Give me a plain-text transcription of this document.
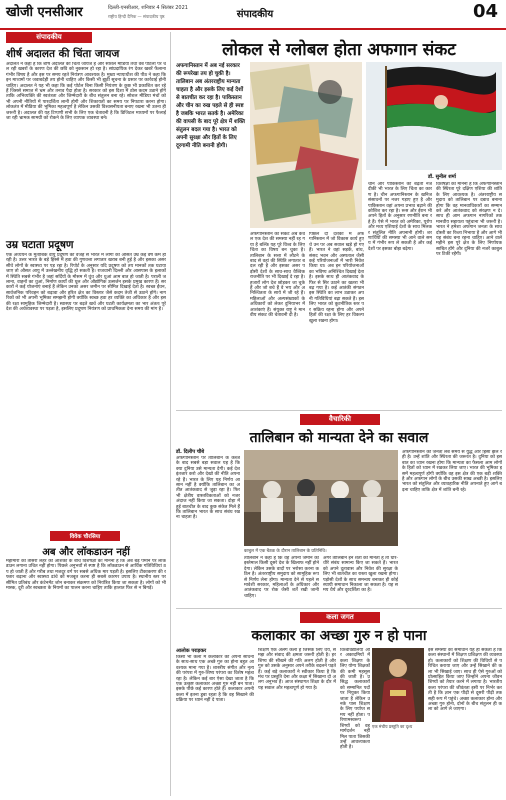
खोजी एनसीआर	दिल्ली-एनसीआर, शनिवार 4 सितंबर 2021
राष्ट्रीय हिन्दी दैनिक — संपादकीय पृष्ठ	संपादकीय	04
संपादकीय
शीर्ष अदालत की चिंता जायज
अदालत ने कहा है कि शीर्ष अदालत की चिंता जायज है और सोशल मीडिया तथा वेब पोर्टलों पर चल रही खबरों के कारण देश की छवि को नुकसान हो रहा है। सांप्रदायिक रंग देकर खबरें फैलाना गंभीर विषय है और इस पर समय रहते नियंत्रण आवश्यक है। मुख्य न्यायाधीश की पीठ ने कहा कि इन माध्यमों पर जवाबदेही तय होनी चाहिए और किसी भी झूठी सूचना के प्रसार पर कार्रवाई होनी चाहिए। अदालत ने यह भी कहा कि कई पोर्टल बिना किसी नियंत्रण के कुछ भी प्रकाशित कर रहे हैं जिससे समाज में भ्रम और तनाव पैदा होता है। सरकार को इस दिशा में ठोस कदम उठाने होंगे ताकि अभिव्यक्ति की स्वतंत्रता और जिम्मेदारी के बीच संतुलन बना रहे। सोशल मीडिया मंचों को भी अपनी नीतियों में पारदर्शिता लानी होगी और शिकायतों का समय पर निपटारा करना होगा। लोकतंत्र में मीडिया की भूमिका महत्वपूर्ण है लेकिन उसकी विश्वसनीयता बनाए रखना भी उतना ही जरूरी है। अदालत की यह टिप्पणी सभी के लिए एक चेतावनी है कि डिजिटल माध्यमों पर फैलाई जा रही भ्रामक सामग्री को रोकने के लिए व्यापक व्यवस्था बने।
उम्र घटाता प्रदूषण
एक अध्ययन के मुताबिक वायु प्रदूषण की वजह से भारत में लोगों की औसत उम्र कई वर्ष कम हो रही है। उत्तर भारत के बड़े हिस्से में हवा की गुणवत्ता लगातार खराब बनी हुई है और इसका असर सीधे लोगों के स्वास्थ्य पर पड़ रहा है। रिपोर्ट के अनुसार यदि प्रदूषण को तय मानकों तक घटाया जाए तो औसत आयु में उल्लेखनीय वृद्धि हो सकती है। राजधानी दिल्ली और आसपास के इलाकों में स्थिति सबसे गंभीर है जहां सर्दियों के मौसम में धुंध और धुआं आम बात हो जाती है। पराली जलाना, वाहनों का धुआं, निर्माण कार्यों की धूल और औद्योगिक उत्सर्जन इसके प्रमुख कारण हैं। सरकारों ने कई योजनाएं बनाई हैं लेकिन उनका असर जमीन पर सीमित दिखाई देता है। स्वच्छ ईंधन, सार्वजनिक परिवहन को बढ़ावा और हरित क्षेत्र का विस्तार जैसे कदम तेजी से उठाने होंगे। नागरिकों को भी अपनी भूमिका समझनी होगी क्योंकि स्वच्छ हवा हर व्यक्ति का अधिकार है और इसकी रक्षा सामूहिक जिम्मेदारी है। स्वास्थ्य पर बढ़ते खर्च और घटती कार्यक्षमता का भार अंततः पूरे देश की अर्थव्यवस्था पर पड़ता है, इसलिए प्रदूषण नियंत्रण को प्राथमिकता देना समय की मांग है।
विवेक चौरसिया
अब और लॉकडाउन नहीं
महामारी की तीसरी लहर की आशंका के बीच विशेषज्ञों का मानना है कि अब बड़े पैमाने पर लॉकडाउन लगाना उचित नहीं होगा। पिछले अनुभवों से स्पष्ट है कि लॉकडाउन से आर्थिक गतिविधियां ठप हो जाती हैं और गरीब तथा मजदूर वर्ग पर सबसे अधिक मार पड़ती है। इसलिए टीकाकरण की रफ्तार बढ़ाना और स्वास्थ्य ढांचे को मजबूत करना ही सबसे कारगर उपाय है। स्थानीय स्तर पर सीमित प्रतिबंध और कंटेनमेंट जोन बनाकर संक्रमण को नियंत्रित किया जा सकता है। लोगों को भी मास्क, दूरी और स्वच्छता के नियमों का पालन करना चाहिए ताकि हालात फिर से न बिगड़ें।
लोकल से ग्लोबल होता अफगान संकट
अफगानिस्तान में अब नई सरकार की रूपरेखा तय हो चुकी है। तालिबान अब अंतरराष्ट्रीय मान्यता चाहता है और इसके लिए कई देशों से बातचीत कर रहा है। पाकिस्तान और चीन का रुख पहले से ही स्पष्ट है जबकि भारत सतर्क है। अमेरिका की वापसी के बाद पूरे क्षेत्र में शक्ति संतुलन बदल गया है। भारत को अपनी सुरक्षा और हितों के लिए दूरगामी नीति बनानी होगी।
अफगानिस्तान का संकट अब केवल एक देश की समस्या नहीं रह गया है बल्कि यह पूरे विश्व के लिए चिंता का विषय बन चुका है। तालिबान के सत्ता में लौटने के बाद से वहां की स्थिति लगातार बदल रही है और इसका असर पड़ोसी देशों के साथ-साथ वैश्विक राजनीति पर भी दिखाई दे रहा है। हजारों लोग देश छोड़कर जा चुके हैं और जो बचे हैं वे भय और अनिश्चितता के साये में जी रहे हैं। महिलाओं और अल्पसंख्यकों के अधिकारों को लेकर दुनियाभर में आशंकाएं हैं। संयुक्त राष्ट्र ने मानवीय संकट की चेतावनी दी है।
पिछले दो दशकों में अफगानिस्तान में जो विकास कार्य हुए थे उन पर अब सवाल खड़े हो गए हैं। भारत ने वहां सड़कें, बांध, संसद भवन और अस्पताल जैसी कई परियोजनाओं में भारी निवेश किया था। अब इन परियोजनाओं का भविष्य अनिश्चित दिखाई देता है। इसके साथ ही आतंकवाद के फिर से सिर उठाने का खतरा भी बढ़ गया है। कई आतंकी संगठन इस स्थिति का लाभ उठाकर अपनी गतिविधियां बढ़ा सकते हैं। इसलिए भारत को कूटनीतिक स्तर पर सक्रिय रहना होगा और अपने हितों की रक्षा के लिए हर विकल्प खुला रखना होगा।
डॉ. सुनील शर्मा
चीन और पाकिस्तान की बढ़ती नजदीकी भी भारत के लिए चिंता का कारण है। चीन अफगानिस्तान के खनिज संसाधनों पर नजर गड़ाए हुए है और पाकिस्तान वहां अपना प्रभाव बढ़ाने की कोशिश कर रहा है। रूस और ईरान भी अपने हितों के अनुसार रणनीति बना रहे हैं। ऐसे में भारत को अमेरिका, यूरोप और मध्य एशियाई देशों के साथ मिलकर संतुलित नीति अपनानी होगी। शरणार्थियों की समस्या भी आने वाले समय में गंभीर रूप ले सकती है और कई देशों पर इसका बोझ बढ़ेगा।
विशेषज्ञों का मानना है कि अफगानिस्तान की स्थिरता पूरे दक्षिण एशिया की शांति के लिए आवश्यक है। अंतरराष्ट्रीय समुदाय को तालिबान पर दबाव बनाना होगा कि वह मानवाधिकारों का सम्मान करे और आतंकवाद को संरक्षण न दे। साथ ही आम अफगान नागरिकों तक मानवीय सहायता पहुंचाना भी जरूरी है। भारत ने हमेशा अफगान जनता के साथ दोस्ती का रिश्ता निभाया है और आगे भी यह संबंध बना रहना चाहिए। आने वाले महीने इस पूरे क्षेत्र के लिए निर्णायक साबित होंगे और दुनिया की नजरें काबुल पर टिकी रहेंगी।
वैचारिकी
तालिबान को मान्यता देने का सवाल
डॉ. दिलीप चौबे
अफगानिस्तान पर तालिबान के कब्जे के बाद सबसे बड़ा सवाल यह है कि क्या दुनिया उसे मान्यता देगी। कई देश इंतजार करो और देखो की नीति अपना रहे हैं। भारत के लिए यह निर्णय आसान नहीं है क्योंकि तालिबान का अतीत आतंकवाद से जुड़ा रहा है। फिर भी क्षेत्रीय वास्तविकताओं को नजरअंदाज नहीं किया जा सकता। दोहा में हुई बातचीत के बाद कुछ संकेत मिले हैं कि तालिबान भारत के साथ संबंध रखना चाहता है।
काबुल में एक बैठक के दौरान तालिबान के प्रतिनिधि।
तालिबान ने कहा है कि वह अपनी जमीन का इस्तेमाल किसी दूसरे देश के खिलाफ नहीं होने देगा। लेकिन उसके वादों पर भरोसा करना कठिन है। अंतरराष्ट्रीय समुदाय को सामूहिक रूप से निर्णय लेना होगा। मान्यता देने से पहले समावेशी सरकार, महिलाओं के अधिकार और आतंकवाद पर रोक जैसी शर्तें रखी जानी चाहिए।
अगर तालिबान इन शर्तों को मानता है तो धीरे-धीरे संबंध सामान्य किए जा सकते हैं। भारत को अपने दूतावास और निवेश की सुरक्षा के लिए भी बातचीत का रास्ता खुला रखना होगा। पड़ोसी देशों के साथ समन्वय बनाकर ही कोई स्थायी समाधान निकाला जा सकता है। यह समय धैर्य और दूरदर्शिता का है।
अफगानिस्तान की जनता लंबे समय से युद्ध और हिंसा झेल रही है। उन्हें शांति और स्थिरता की जरूरत है। दुनिया को इस बात का ध्यान रखना होगा कि मान्यता का फैसला आम लोगों के हितों को ध्यान में रखकर लिया जाए। भारत की भूमिका इसमें महत्वपूर्ण होगी क्योंकि वह इस क्षेत्र की एक बड़ी शक्ति है और अफगान लोगों के बीच उसकी साख अच्छी है। इसलिए भारत को संतुलित और व्यावहारिक नीति अपनाते हुए आगे बढ़ना चाहिए ताकि क्षेत्र में शांति बनी रहे।
कला जगत
कलाकार का अच्छा गुरु न हो पाना
आलोक पराड़कर
किसी भी कला में कलाकार की अपनी साधना के साथ-साथ एक अच्छे गुरु का होना बहुत आवश्यक माना गया है। शास्त्रीय संगीत और नृत्य की परंपरा में गुरु-शिष्य परंपरा का विशेष महत्व रहा है। लेकिन कई बार ऐसा देखा जाता है कि एक उत्कृष्ट कलाकार अच्छा गुरु नहीं बन पाता। इसके पीछे कई कारण होते हैं। कलाकार अपनी कला में इतना डूबा रहता है कि वह सिखाने की प्रक्रिया पर ध्यान नहीं दे पाता।
शिक्षण एक अलग कला है जिसके लिए धैर्य, समझ और संवाद की क्षमता जरूरी होती है। हर शिष्य की सीखने की गति अलग होती है और गुरु को उसके अनुसार अपने तरीके बदलने पड़ते हैं। कई बड़े कलाकारों ने स्वीकार किया है कि मंच पर प्रस्तुति देना और कक्षा में सिखाना दो अलग अनुभव हैं। आज संस्थागत शिक्षा के दौर में यह सवाल और महत्वपूर्ण हो गया है।
विश्वविद्यालयों और अकादमियों में कला शिक्षण के लिए योग्य शिक्षकों की कमी महसूस की जाती है। प्रसिद्ध कलाकारों को सम्मानित पदों पर नियुक्त किया जाता है लेकिन उनके पास शिक्षण के लिए पर्याप्त समय नहीं होता। परिणामस्वरूप शिष्यों को वह मार्गदर्शन नहीं मिल पाता जिसकी उन्हें आवश्यकता होती है।
एक मंचीय प्रस्तुति का दृश्य
इस समस्या का समाधान यह हो सकता है कि कला संस्थानों में शिक्षण प्रशिक्षण की व्यवस्था हो। कलाकारों को शिक्षण की विधियों से परिचित कराया जाए और उन्हें सिखाने की कला भी सिखाई जाए। साथ ही ऐसे गुरुओं को प्रोत्साहित किया जाए जिन्होंने अपना जीवन शिष्यों को तैयार करने में लगाया है। भारतीय कला परंपरा की जीवंतता इसी पर निर्भर करती है कि ज्ञान एक पीढ़ी से दूसरी पीढ़ी तक सही रूप में पहुंचे। अच्छा कलाकार होना और अच्छा गुरु होना, दोनों के बीच संतुलन ही कला को आगे ले जाएगा।
